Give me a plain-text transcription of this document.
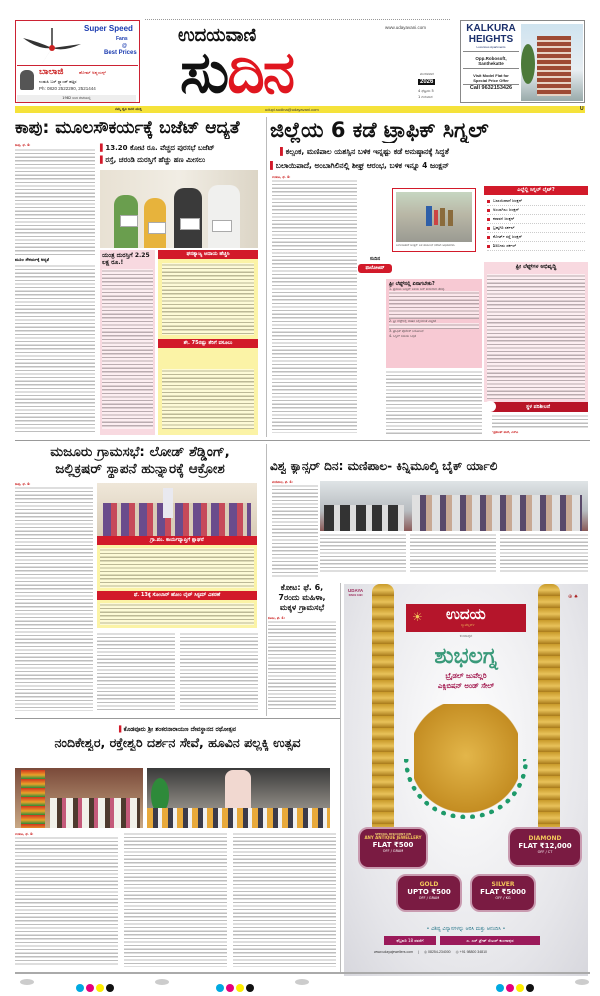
Super Speed
Fans
@
Best Prices
ಬಾಲಾಜಿ	ಹೋಮ್ ಅಪ್ಲಯನ್ಸ್
ಉಡುಪಿ ಬಸ್ ಸ್ಟ್ಯಾಂಡ್ ಹತ್ತಿರ
Ph: 0820 2522290, 2521444
1982 ರಿಂದ ಸೇವೆಯಲ್ಲಿ
ಉದಯವಾಣಿ
ಸುದಿನ
www.udayavani.com
ಮಂಗಳವಾರ
2026
4 ಫೆಬ್ರವರಿ 5
1 ಗುರುವಾರ
KALKURA
HEIGHTS
Luxurious Apartments
Opp.Robosoft,
Santhekatte
Visit Model Flat for
Special Price Offer
Call 9632153426
ನಮ್ಮ ಧ್ವನಿ ಜನರ ಮುಕ್ತಿ	udupi.sudina@udayavani.com	U
ಕಾಪು: ಮೂಲಸೌಕರ್ಯಕ್ಕೆ ಬಜೆಟ್ ಆದ್ಯತೆ
ಕಾಪು, ಫೆ. 4:
ಮೂಲ ಸೌಕರ್ಯಕ್ಕೆ ಆದ್ಯತೆ
▌13.20 ಕೋಟಿ ರೂ. ವೆಚ್ಚದ ಪುರಸಭೆ ಬಜೆಟ್
▌ರಸ್ತೆ, ಚರಂಡಿ ದುರಸ್ತಿಗೆ ಹೆಚ್ಚು ಹಣ ಮೀಸಲು
ಯಂತ್ರ ದುರಸ್ತಿಗೆ 2.25 ಲಕ್ಷ ರೂ.!
ಘನತ್ಯಾಜ್ಯ ಆದಾಯ ಹೆಚ್ಚಿಸಿ
ಶೇ. 75ರಷ್ಟು ತೆರಿಗೆ ವಸೂಲು
ಜಿಲ್ಲೆಯ 6 ಕಡೆ ಟ್ರಾಫಿಕ್ ಸಿಗ್ನಲ್
▌ಕಲ್ಸಂಕ, ಮಣಿಪಾಲ ಯಶಸ್ಸಿನ ಬಳಿಕ ಇನ್ನಷ್ಟು ಕಡೆ ಅನುಷ್ಠಾನಕ್ಕೆ ಸಿದ್ಧತೆ
▌ಬಲಾಯಿಪಾದೆ, ಅಂಬಾಗಿಲಿನಲ್ಲಿ ಶೀಘ್ರ ಆರಂಭ, ಬಳಿಕ ಇನ್ನೂ 4 ಜಂಕ್ಷನ್
ಉಡುಪಿ, ಫೆ. 4:
ಬಲಾಯಿಪಾದೆ ಜಂಕ್ಷನ್ ಬಳಿ ಪರಿಶೀಲನೆ ನಡೆಸಿದ ಅಧಿಕಾರಿಗಳು.
ಸುದಿನ
ಫಾಲೋಅಪ್
ಫ್ರೀ ಲೆಫ್ಟ್‌ನಲ್ಲಿ ಏನಾಗಬೇಕು?
1. ಪ್ರಮುಖ ಜಂಕ್ಷನ್ ಬಳಿಯ ಬಸ್ ತಂಗುದಾಣ ತೆರವು
2. ಫ್ರೀ ಲೆಫ್ಟ್‌ನಲ್ಲಿ ವಾಹನ ನಿಲ್ಲಿಸದಂತೆ ಎಚ್ಚರಿಕೆ
3. ಟ್ರಾಫಿಕ್ ಪೊಲೀಸ್ ನಿಯೋಜನೆ
4. ಸಿಗ್ನಲ್ ಸಮಯ ಸಿದ್ಧತೆ
ಎಲ್ಲೆಲ್ಲಿ ಸಿಗ್ನಲ್ ಲೈಟ್?
ಬಲಾಯಿಪಾದೆ ಜಂಕ್ಷನ್
ಅಂಬಾಗಿಲು ಜಂಕ್ಷನ್
ಕರಾವಳಿ ಜಂಕ್ಷನ್
ಬ್ರಹ್ಮಗಿರಿ ಸರ್ಕಲ್
ಕೋರ್ಟ್ ರಸ್ತೆ ಜಂಕ್ಷನ್
ಶಿರಿಬೀಡು ಸರ್ಕಲ್
ಫ್ರೀ ಲೆಫ್ಟ್‌ಗಳ ಅಭಿವೃದ್ಧಿ
ಸ್ಥಳ ಪರಿಶೀಲನೆ
-ಪ್ರಶಾಂತ್ ಪಾದೆ, ಎಸ್‌ಪಿ
ಮಜೂರು ಗ್ರಾಮಸಭೆ: ಲೋಡ್ ಶೆಡ್ಡಿಂಗ್,
ಜಲ್ಲಿಕ್ರಷರ್ ಸ್ಥಾಪನೆ ಹುನ್ನಾರಕ್ಕೆ ಆಕ್ರೋಶ
ಕಾಪು, ಫೆ. 4:
ಗ್ರಾ.ಪಂ. ಕಾರ್ಯವ್ಯಾಪ್ತಿಗೆ ಶ್ಲಾಘನೆ
ಫೆ. 13ಕ್ಕೆ ಸೋಲಾರ್ ಹೋಂ ಲೈಟ್ ಸಿಸ್ಟಮ್ ವಿತರಣೆ
ವಿಶ್ವ ಕ್ಯಾನ್ಸರ್ ದಿನ: ಮಣಿಪಾಲ- ಕಿನ್ನಿಮೂಲ್ಕಿ ಬೈಕ್ ರ್ಯಾಲಿ
ಮಣಿಪಾಲ, ಫೆ. 4:
ಕೋಟ: ಫೆ. 6,
7ರಂದು ಮಹಿಳಾ,
ಮಕ್ಕಳ ಗ್ರಾಮಸಭೆ
ಕೋಟ, ಫೆ. 4:
UDAYA
SINCE 1990	⊕ ♠
☀ ಉದಯ
ಜ್ಯುವೆಲ್ಲರ್ಸ್
ಕುಂದಾಪುರ
ಶುಭಲಗ್ನ
ಬ್ರೈಡಲ್ ಜುವೆಲ್ಲರಿ
ಎಕ್ಸಿಬಿಷನ್ ಅಂಡ್ ಸೇಲ್
SPECIAL DISCOUNT ON
ANY ANTIQUE JEWELLERY
FLAT ₹500
OFF / GRAM
DIAMOND
FLAT ₹12,000
OFF / CT
GOLD
UPTO ₹500
OFF / GRAM
SILVER
FLAT ₹5000
OFF / KG
• ವಿಶಿಷ್ಟ ವಿನ್ಯಾಸಗಳನ್ನು ಆರಿಸಿ ಮತ್ತು ಆನಂದಿಸಿ •
ಫೆಬ್ರವರಿ 18 ರವರೆಗೆ	ಎ. ಎಸ್ ಟ್ರೇಡ್ ಸೆಂಟರ್ ಕುಂದಾಪುರ
www.udayajewellers.com | ◎ 08254-234000 ◎ +91 98800 34810
▌ಕೊಡವೂರು ಶ್ರೀ ಶಂಕರನಾರಾಯಣ ದೇವಸ್ಥಾನದ ರಥೋತ್ಸವ
ನಂದಿಕೇಶ್ವರ, ರಕ್ತೇಶ್ವರಿ ದರ್ಶನ ಸೇವೆ, ಹೂವಿನ ಪಲ್ಲಕ್ಕಿ ಉತ್ಸವ
ಉಡುಪಿ, ಫೆ. 4:
